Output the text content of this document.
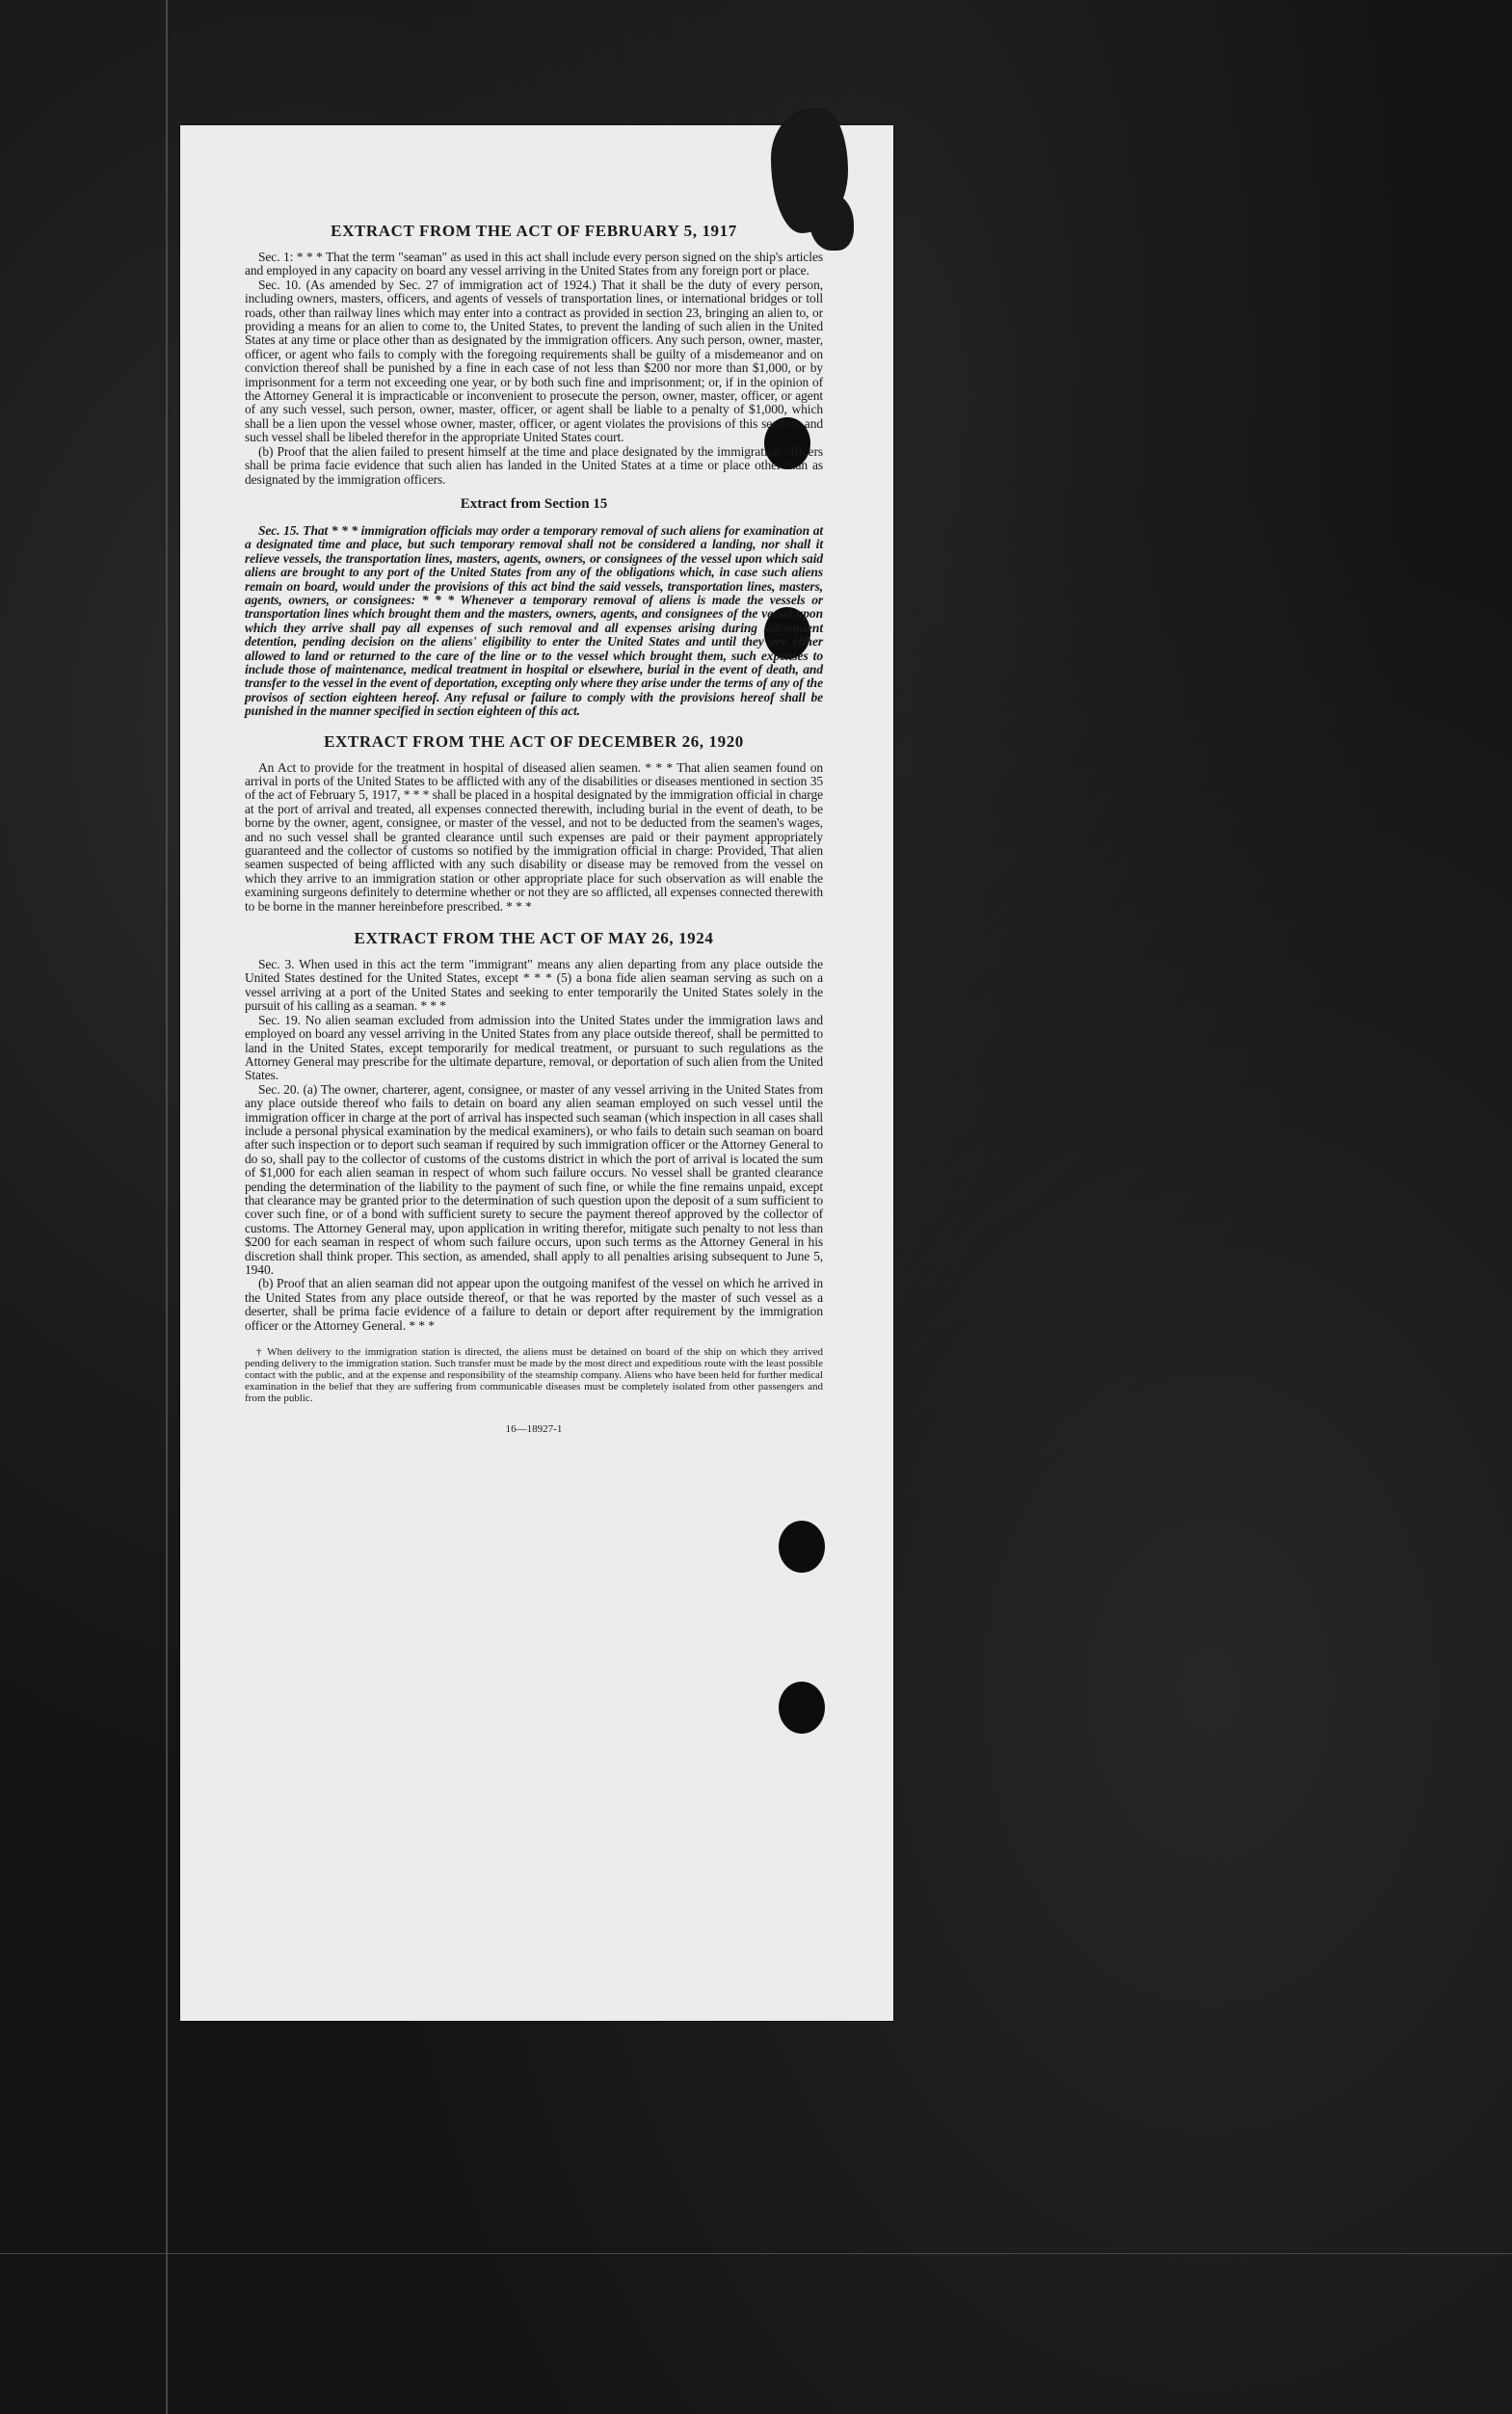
EXTRACT FROM THE ACT OF FEBRUARY 5, 1917

Sec. 1: * * * That the term "seaman" as used in this act shall include every person signed on the ship's articles and employed in any capacity on board any vessel arriving in the United States from any foreign port or place.

Sec. 10. (As amended by Sec. 27 of immigration act of 1924.) That it shall be the duty of every person, including owners, masters, officers, and agents of vessels of transportation lines, or international bridges or toll roads, other than railway lines which may enter into a contract as provided in section 23, bringing an alien to, or providing a means for an alien to come to, the United States, to prevent the landing of such alien in the United States at any time or place other than as designated by the immigration officers. Any such person, owner, master, officer, or agent who fails to comply with the foregoing requirements shall be guilty of a misdemeanor and on conviction thereof shall be punished by a fine in each case of not less than $200 nor more than $1,000, or by imprisonment for a term not exceeding one year, or by both such fine and imprisonment; or, if in the opinion of the Attorney General it is impracticable or inconvenient to prosecute the person, owner, master, officer, or agent of any such vessel, such person, owner, master, officer, or agent shall be liable to a penalty of $1,000, which shall be a lien upon the vessel whose owner, master, officer, or agent violates the provisions of this section, and such vessel shall be libeled therefor in the appropriate United States court.

(b) Proof that the alien failed to present himself at the time and place designated by the immigration officers shall be prima facie evidence that such alien has landed in the United States at a time or place other than as designated by the immigration officers.

Extract from Section 15

Sec. 15. That * * * immigration officials may order a temporary removal of such aliens for examination at a designated time and place, but such temporary removal shall not be considered a landing, nor shall it relieve vessels, the transportation lines, masters, agents, owners, or consignees of the vessel upon which said aliens are brought to any port of the United States from any of the obligations which, in case such aliens remain on board, would under the provisions of this act bind the said vessels, transportation lines, masters, agents, owners, or consignees: * * * Whenever a temporary removal of aliens is made the vessels or transportation lines which brought them and the masters, owners, agents, and consignees of the vessel upon which they arrive shall pay all expenses of such removal and all expenses arising during subsequent detention, pending decision on the aliens' eligibility to enter the United States and until they are either allowed to land or returned to the care of the line or to the vessel which brought them, such expenses to include those of maintenance, medical treatment in hospital or elsewhere, burial in the event of death, and transfer to the vessel in the event of deportation, excepting only where they arise under the terms of any of the provisos of section eighteen hereof. Any refusal or failure to comply with the provisions hereof shall be punished in the manner specified in section eighteen of this act.

EXTRACT FROM THE ACT OF DECEMBER 26, 1920

An Act to provide for the treatment in hospital of diseased alien seamen. * * * That alien seamen found on arrival in ports of the United States to be afflicted with any of the disabilities or diseases mentioned in section 35 of the act of February 5, 1917, * * * shall be placed in a hospital designated by the immigration official in charge at the port of arrival and treated, all expenses connected therewith, including burial in the event of death, to be borne by the owner, agent, consignee, or master of the vessel, and not to be deducted from the seamen's wages, and no such vessel shall be granted clearance until such expenses are paid or their payment appropriately guaranteed and the collector of customs so notified by the immigration official in charge: Provided, That alien seamen suspected of being afflicted with any such disability or disease may be removed from the vessel on which they arrive to an immigration station or other appropriate place for such observation as will enable the examining surgeons definitely to determine whether or not they are so afflicted, all expenses connected therewith to be borne in the manner hereinbefore prescribed. * * *

EXTRACT FROM THE ACT OF MAY 26, 1924

Sec. 3. When used in this act the term "immigrant" means any alien departing from any place outside the United States destined for the United States, except * * * (5) a bona fide alien seaman serving as such on a vessel arriving at a port of the United States and seeking to enter temporarily the United States solely in the pursuit of his calling as a seaman. * * *

Sec. 19. No alien seaman excluded from admission into the United States under the immigration laws and employed on board any vessel arriving in the United States from any place outside thereof, shall be permitted to land in the United States, except temporarily for medical treatment, or pursuant to such regulations as the Attorney General may prescribe for the ultimate departure, removal, or deportation of such alien from the United States.

Sec. 20. (a) The owner, charterer, agent, consignee, or master of any vessel arriving in the United States from any place outside thereof who fails to detain on board any alien seaman employed on such vessel until the immigration officer in charge at the port of arrival has inspected such seaman (which inspection in all cases shall include a personal physical examination by the medical examiners), or who fails to detain such seaman on board after such inspection or to deport such seaman if required by such immigration officer or the Attorney General to do so, shall pay to the collector of customs of the customs district in which the port of arrival is located the sum of $1,000 for each alien seaman in respect of whom such failure occurs. No vessel shall be granted clearance pending the determination of the liability to the payment of such fine, or while the fine remains unpaid, except that clearance may be granted prior to the determination of such question upon the deposit of a sum sufficient to cover such fine, or of a bond with sufficient surety to secure the payment thereof approved by the collector of customs. The Attorney General may, upon application in writing therefor, mitigate such penalty to not less than $200 for each seaman in respect of whom such failure occurs, upon such terms as the Attorney General in his discretion shall think proper. This section, as amended, shall apply to all penalties arising subsequent to June 5, 1940.

(b) Proof that an alien seaman did not appear upon the outgoing manifest of the vessel on which he arrived in the United States from any place outside thereof, or that he was reported by the master of such vessel as a deserter, shall be prima facie evidence of a failure to detain or deport after requirement by the immigration officer or the Attorney General. * * *

† When delivery to the immigration station is directed, the aliens must be detained on board of the ship on which they arrived pending delivery to the immigration station. Such transfer must be made by the most direct and expeditious route with the least possible contact with the public, and at the expense and responsibility of the steamship company. Aliens who have been held for further medical examination in the belief that they are suffering from communicable diseases must be completely isolated from other passengers and from the public.
16—18927-1
